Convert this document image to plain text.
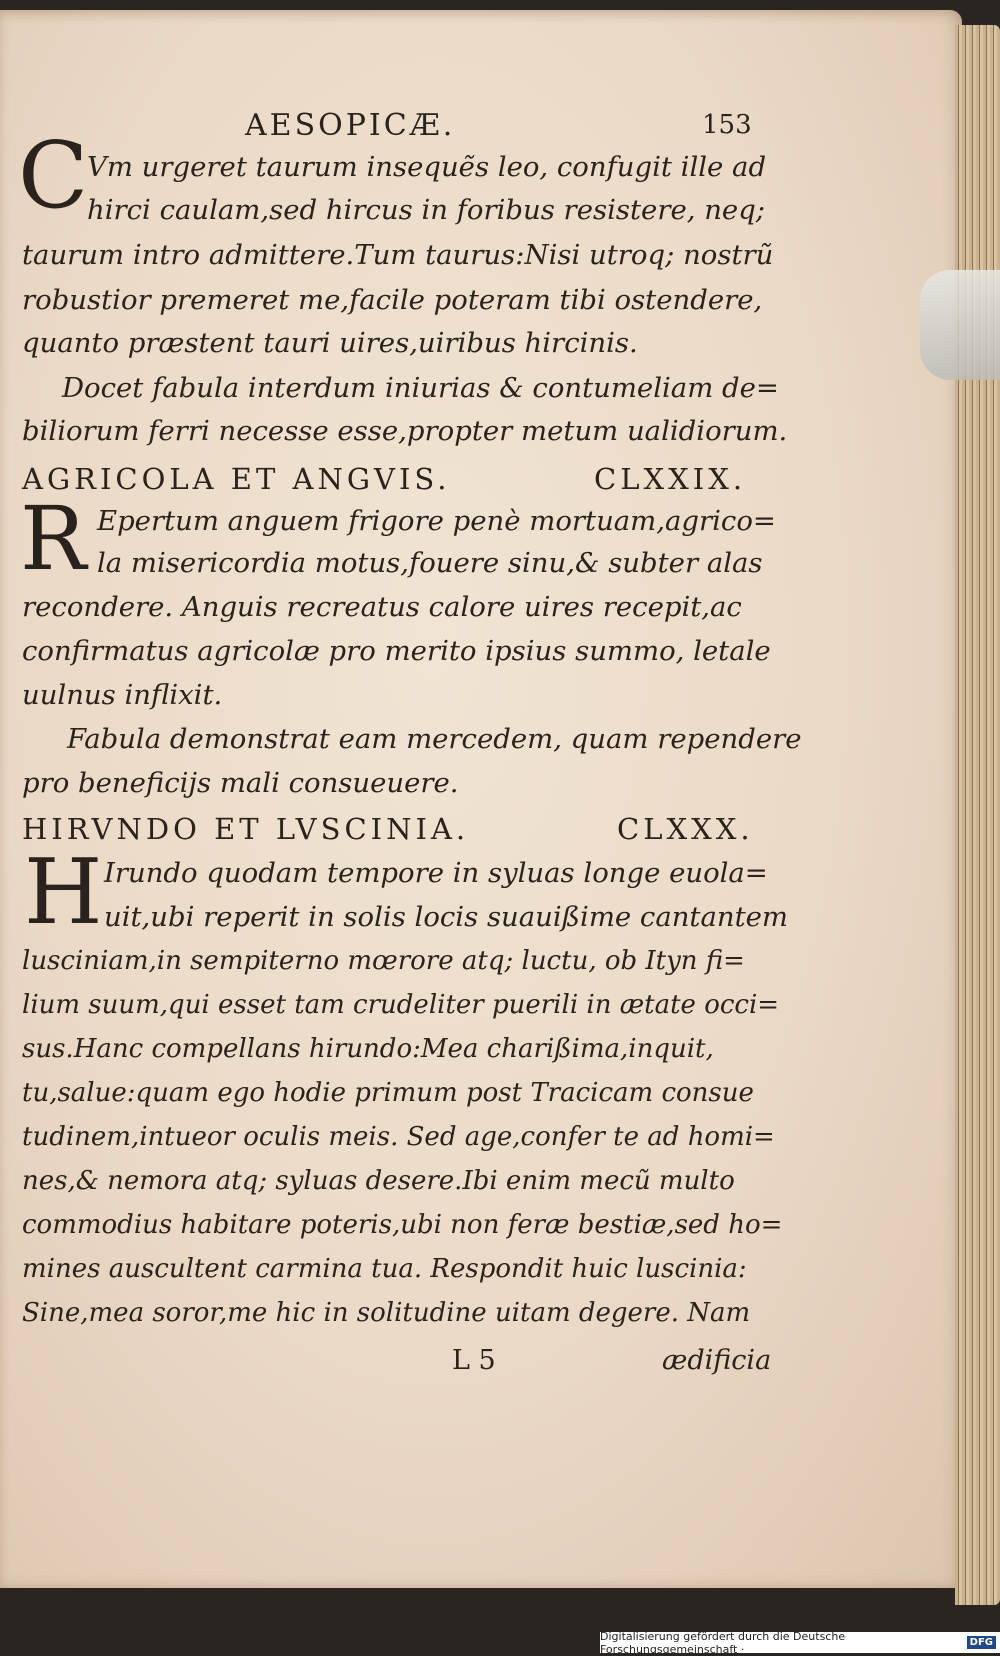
AESOPICÆ.	153
C
Vm urgeret taurum insequẽs leo, confugit ille ad
hirci caulam,sed hircus in foribus resistere, neq;
taurum intro admittere.Tum taurus:Nisi utroq; nostrũ
robustior premeret me,facile poteram tibi ostendere,
quanto præstent tauri uires,uiribus hircinis.
Docet fabula interdum iniurias & contumeliam de=
biliorum ferri necesse esse,propter metum ualidiorum.
AGRICOLA ET ANGVIS.	CLXXIX.
R Epertum anguem frigore penè mortuam,agrico=
la misericordia motus,fouere sinu,& subter alas
recondere. Anguis recreatus calore uires recepit,ac
confirmatus agricolæ pro merito ipsius summo, letale
uulnus inflixit.
Fabula demonstrat eam mercedem, quam rependere
pro beneficijs mali consueuere.
HIRVNDO ET LVSCINIA.	CLXXX.
H Irundo quodam tempore in syluas longe euola=
uit,ubi reperit in solis locis suauißime cantantem
lusciniam,in sempiterno mœrore atq; luctu, ob Ityn fi=
lium suum,qui esset tam crudeliter puerili in ætate occi=
sus.Hanc compellans hirundo:Mea charißima,inquit,
tu,salue:quam ego hodie primum post Tracicam consue
tudinem,intueor oculis meis. Sed age,confer te ad homi=
nes,& nemora atq; syluas desere.Ibi enim mecũ multo
commodius habitare poteris,ubi non feræ bestiæ,sed ho=
mines auscultent carmina tua. Respondit huic luscinia:
Sine,mea soror,me hic in solitudine uitam degere. Nam
L 5	ædificia
Digitalisierung gefördert durch die Deutsche Forschungsgemeinschaft ·	DFG
